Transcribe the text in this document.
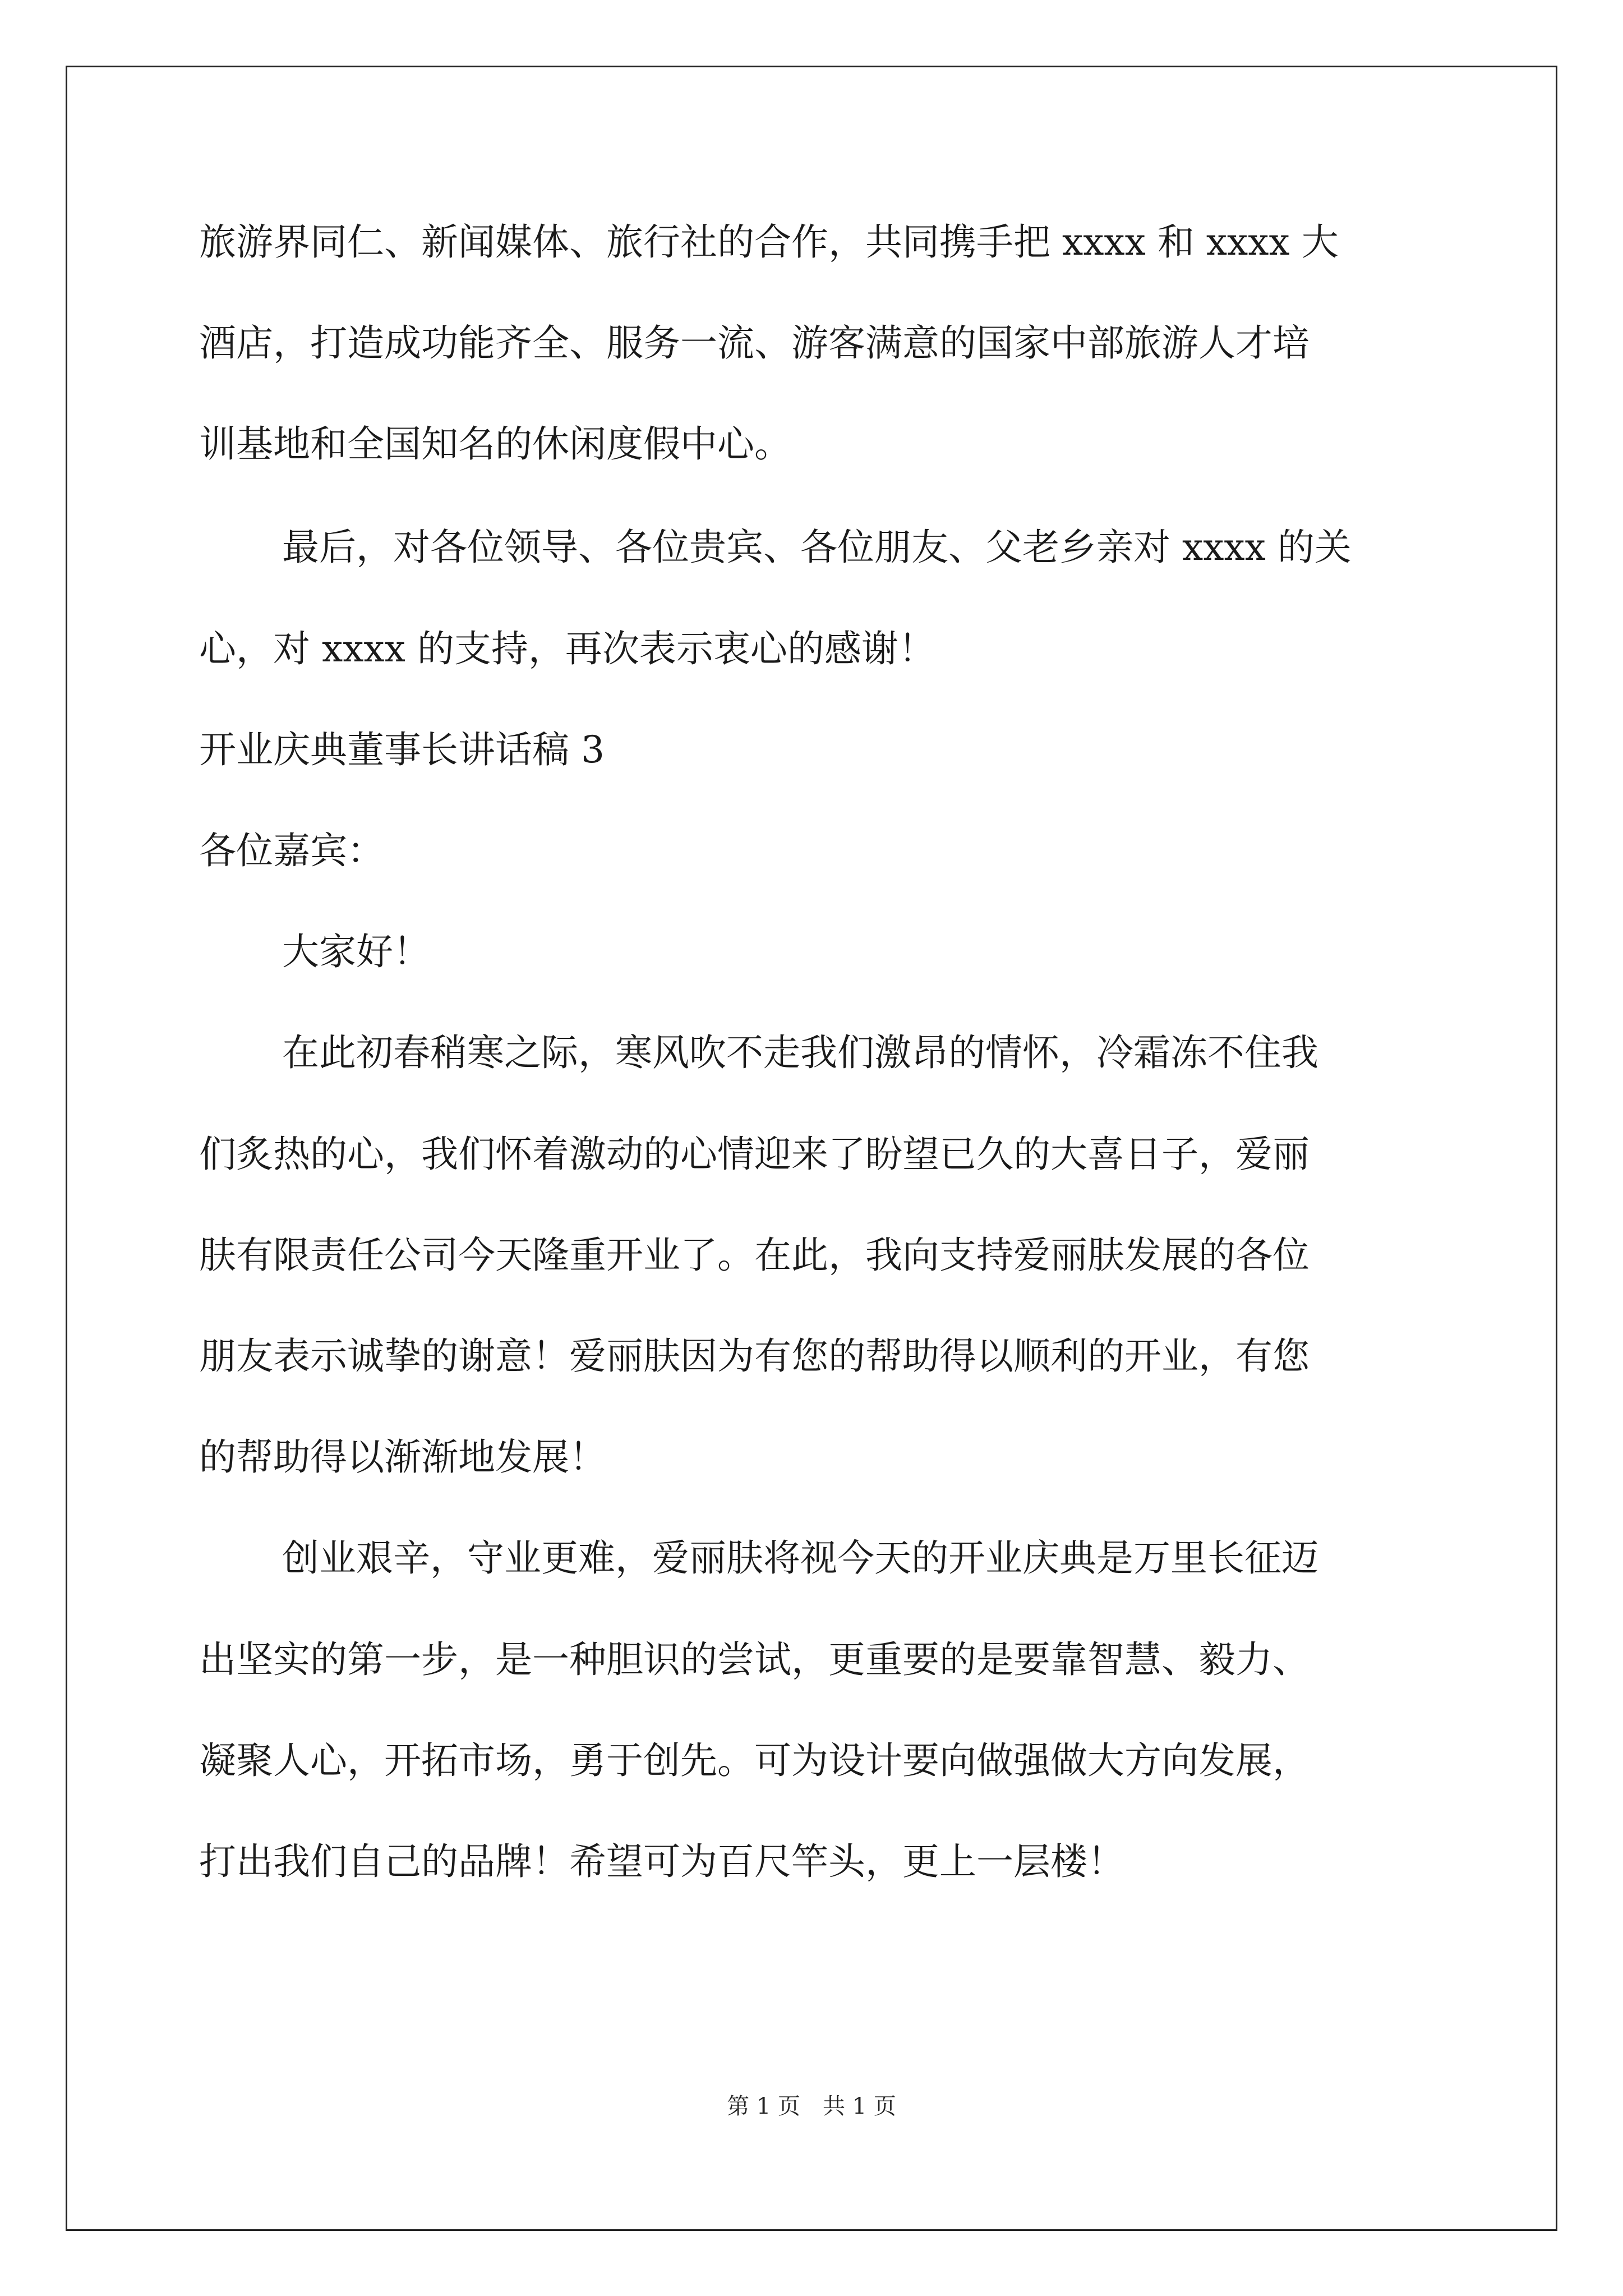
旅游界同仁、新闻媒体、旅行社的合作，共同携手把 xxxx 和 xxxx 大
酒店，打造成功能齐全、服务一流、游客满意的国家中部旅游人才培
训基地和全国知名的休闲度假中心。
最后，对各位领导、各位贵宾、各位朋友、父老乡亲对 xxxx 的关
心，对 xxxx 的支持，再次表示衷心的感谢！
开业庆典董事长讲话稿 3
各位嘉宾：
大家好！
在此初春稍寒之际，寒风吹不走我们激昂的情怀，冷霜冻不住我
们炙热的心，我们怀着激动的心情迎来了盼望已久的大喜日子，爱丽
肤有限责任公司今天隆重开业了。在此，我向支持爱丽肤发展的各位
朋友表示诚挚的谢意！爱丽肤因为有您的帮助得以顺利的开业，有您
的帮助得以渐渐地发展！
创业艰辛，守业更难，爱丽肤将视今天的开业庆典是万里长征迈
出坚实的第一步，是一种胆识的尝试，更重要的是要靠智慧、毅力、
凝聚人心，开拓市场，勇于创先。可为设计要向做强做大方向发展，
打出我们自己的品牌！希望可为百尺竿头，更上一层楼！
第 1 页　共 1 页
